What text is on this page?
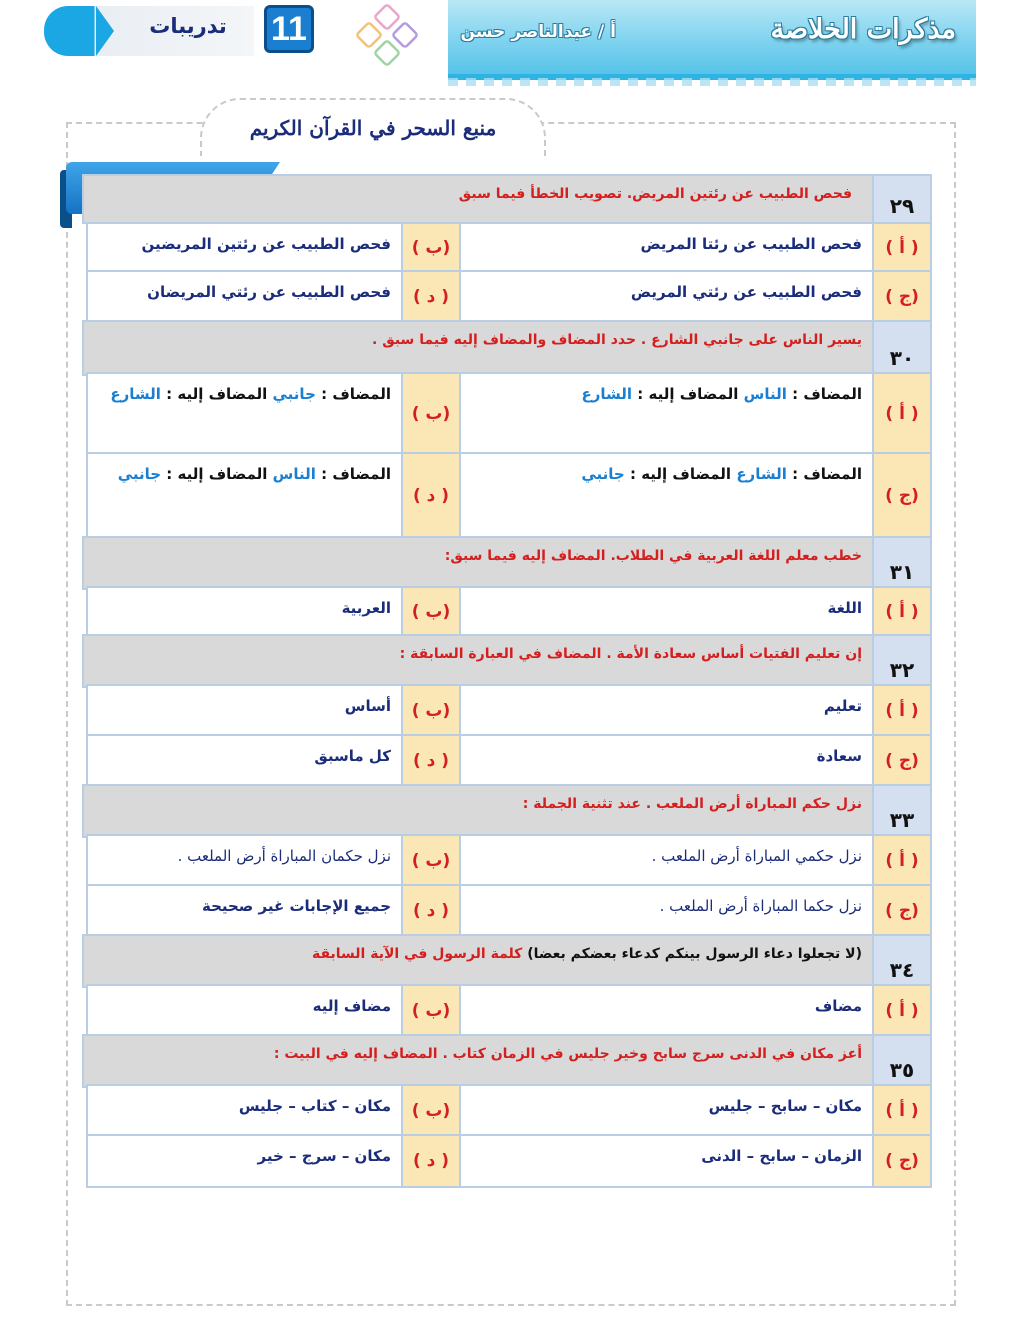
مذكرات الخلاصة
أ / عبدالناصر حسن
11
تدريبات
منبع السحر في القرآن الكريم
٢٩
فحص الطبيب عن رئتين المريض. تصويب الخطأ فيما سبق
( أ )
فحص الطبيب عن رئتا المريض
(ب )
فحص الطبيب عن رئتين المريضين
(ج )
فحص الطبيب عن رئتي المريض
( د )
فحص الطبيب عن رئتي المريضان
٣٠
يسير الناس على جانبي الشارع . حدد المضاف والمضاف إليه فيما سبق .
( أ )
المضاف : الناس المضاف إليه : الشارع
(ب )
المضاف : جانبي المضاف إليه : الشارع
(ج )
المضاف : الشارع المضاف إليه : جانبي
( د )
المضاف : الناس المضاف إليه : جانبي
٣١
خطب معلم اللغة العربية في الطلاب. المضاف إليه فيما سبق:
( أ )
اللغة
(ب )
العربية
٣٢
إن تعليم الفتيات أساس سعادة الأمة . المضاف في العبارة السابقة :
( أ )
تعليم
(ب )
أساس
(ج )
سعادة
( د )
كل ماسبق
٣٣
نزل حكم المباراة أرض الملعب . عند تثنية الجملة :
( أ )
نزل حكمي المباراة أرض الملعب .
(ب )
نزل حكمان المباراة أرض الملعب .
(ج )
نزل حكما المباراة أرض الملعب .
( د )
جميع الإجابات غير صحيحة
٣٤
(لا تجعلوا دعاء الرسول بينكم كدعاء بعضكم بعضا) كلمة الرسول في الآية السابقة
( أ )
مضاف
(ب )
مضاف إليه
٣٥
أعز مكان في الدنى سرج سابح وخير جليس في الزمان كتاب . المضاف إليه في البيت :
( أ )
مكان – سابح – جليس
(ب )
مكان – كتاب – جليس
(ج )
الزمان – سابح – الدنى
( د )
مكان – سرج – خير
